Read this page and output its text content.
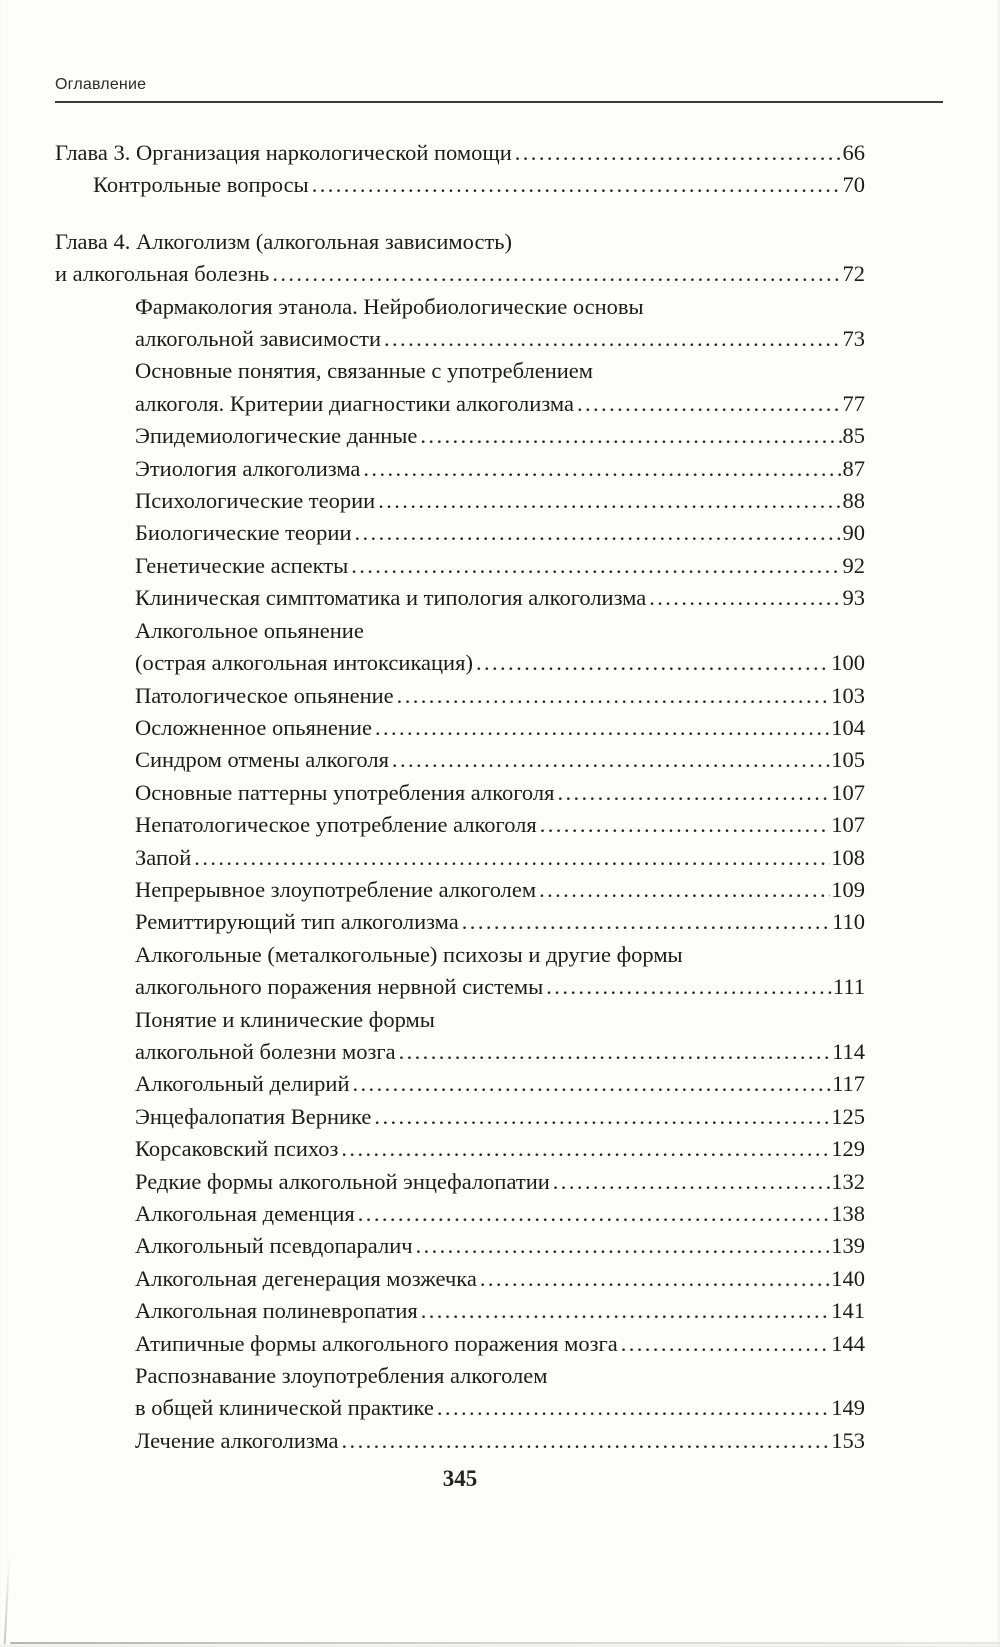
Оглавление
Глава 3. Организация наркологической помощи .....	66
Контрольные вопросы .....	70
Глава 4. Алкоголизм (алкогольная зависимость)
и алкогольная болезнь .....	72
Фармакология этанола. Нейробиологические основы
алкогольной зависимости .....	73
Основные понятия, связанные с употреблением
алкоголя. Критерии диагностики алкоголизма .....	77
Эпидемиологические данные .....	85
Этиология алкоголизма .....	87
Психологические теории .....	88
Биологические теории .....	90
Генетические аспекты .....	92
Клиническая симптоматика и типология алкоголизма .....	93
Алкогольное опьянение
(острая алкогольная интоксикация) .....	100
Патологическое опьянение .....	103
Осложненное опьянение .....	104
Синдром отмены алкоголя .....	105
Основные паттерны употребления алкоголя .....	107
Непатологическое употребление алкоголя .....	107
Запой .....	108
Непрерывное злоупотребление алкоголем .....	109
Ремиттирующий тип алкоголизма .....	110
Алкогольные (металкогольные) психозы и другие формы
алкогольного поражения нервной системы .....	111
Понятие и клинические формы
алкогольной болезни мозга .....	114
Алкогольный делирий .....	117
Энцефалопатия Вернике .....	125
Корсаковский психоз .....	129
Редкие формы алкогольной энцефалопатии .....	132
Алкогольная деменция .....	138
Алкогольный псевдопаралич .....	139
Алкогольная дегенерация мозжечка .....	140
Алкогольная полиневропатия .....	141
Атипичные формы алкогольного поражения мозга .....	144
Распознавание злоупотребления алкоголем
в общей клинической практике .....	149
Лечение алкоголизма .....	153
345
